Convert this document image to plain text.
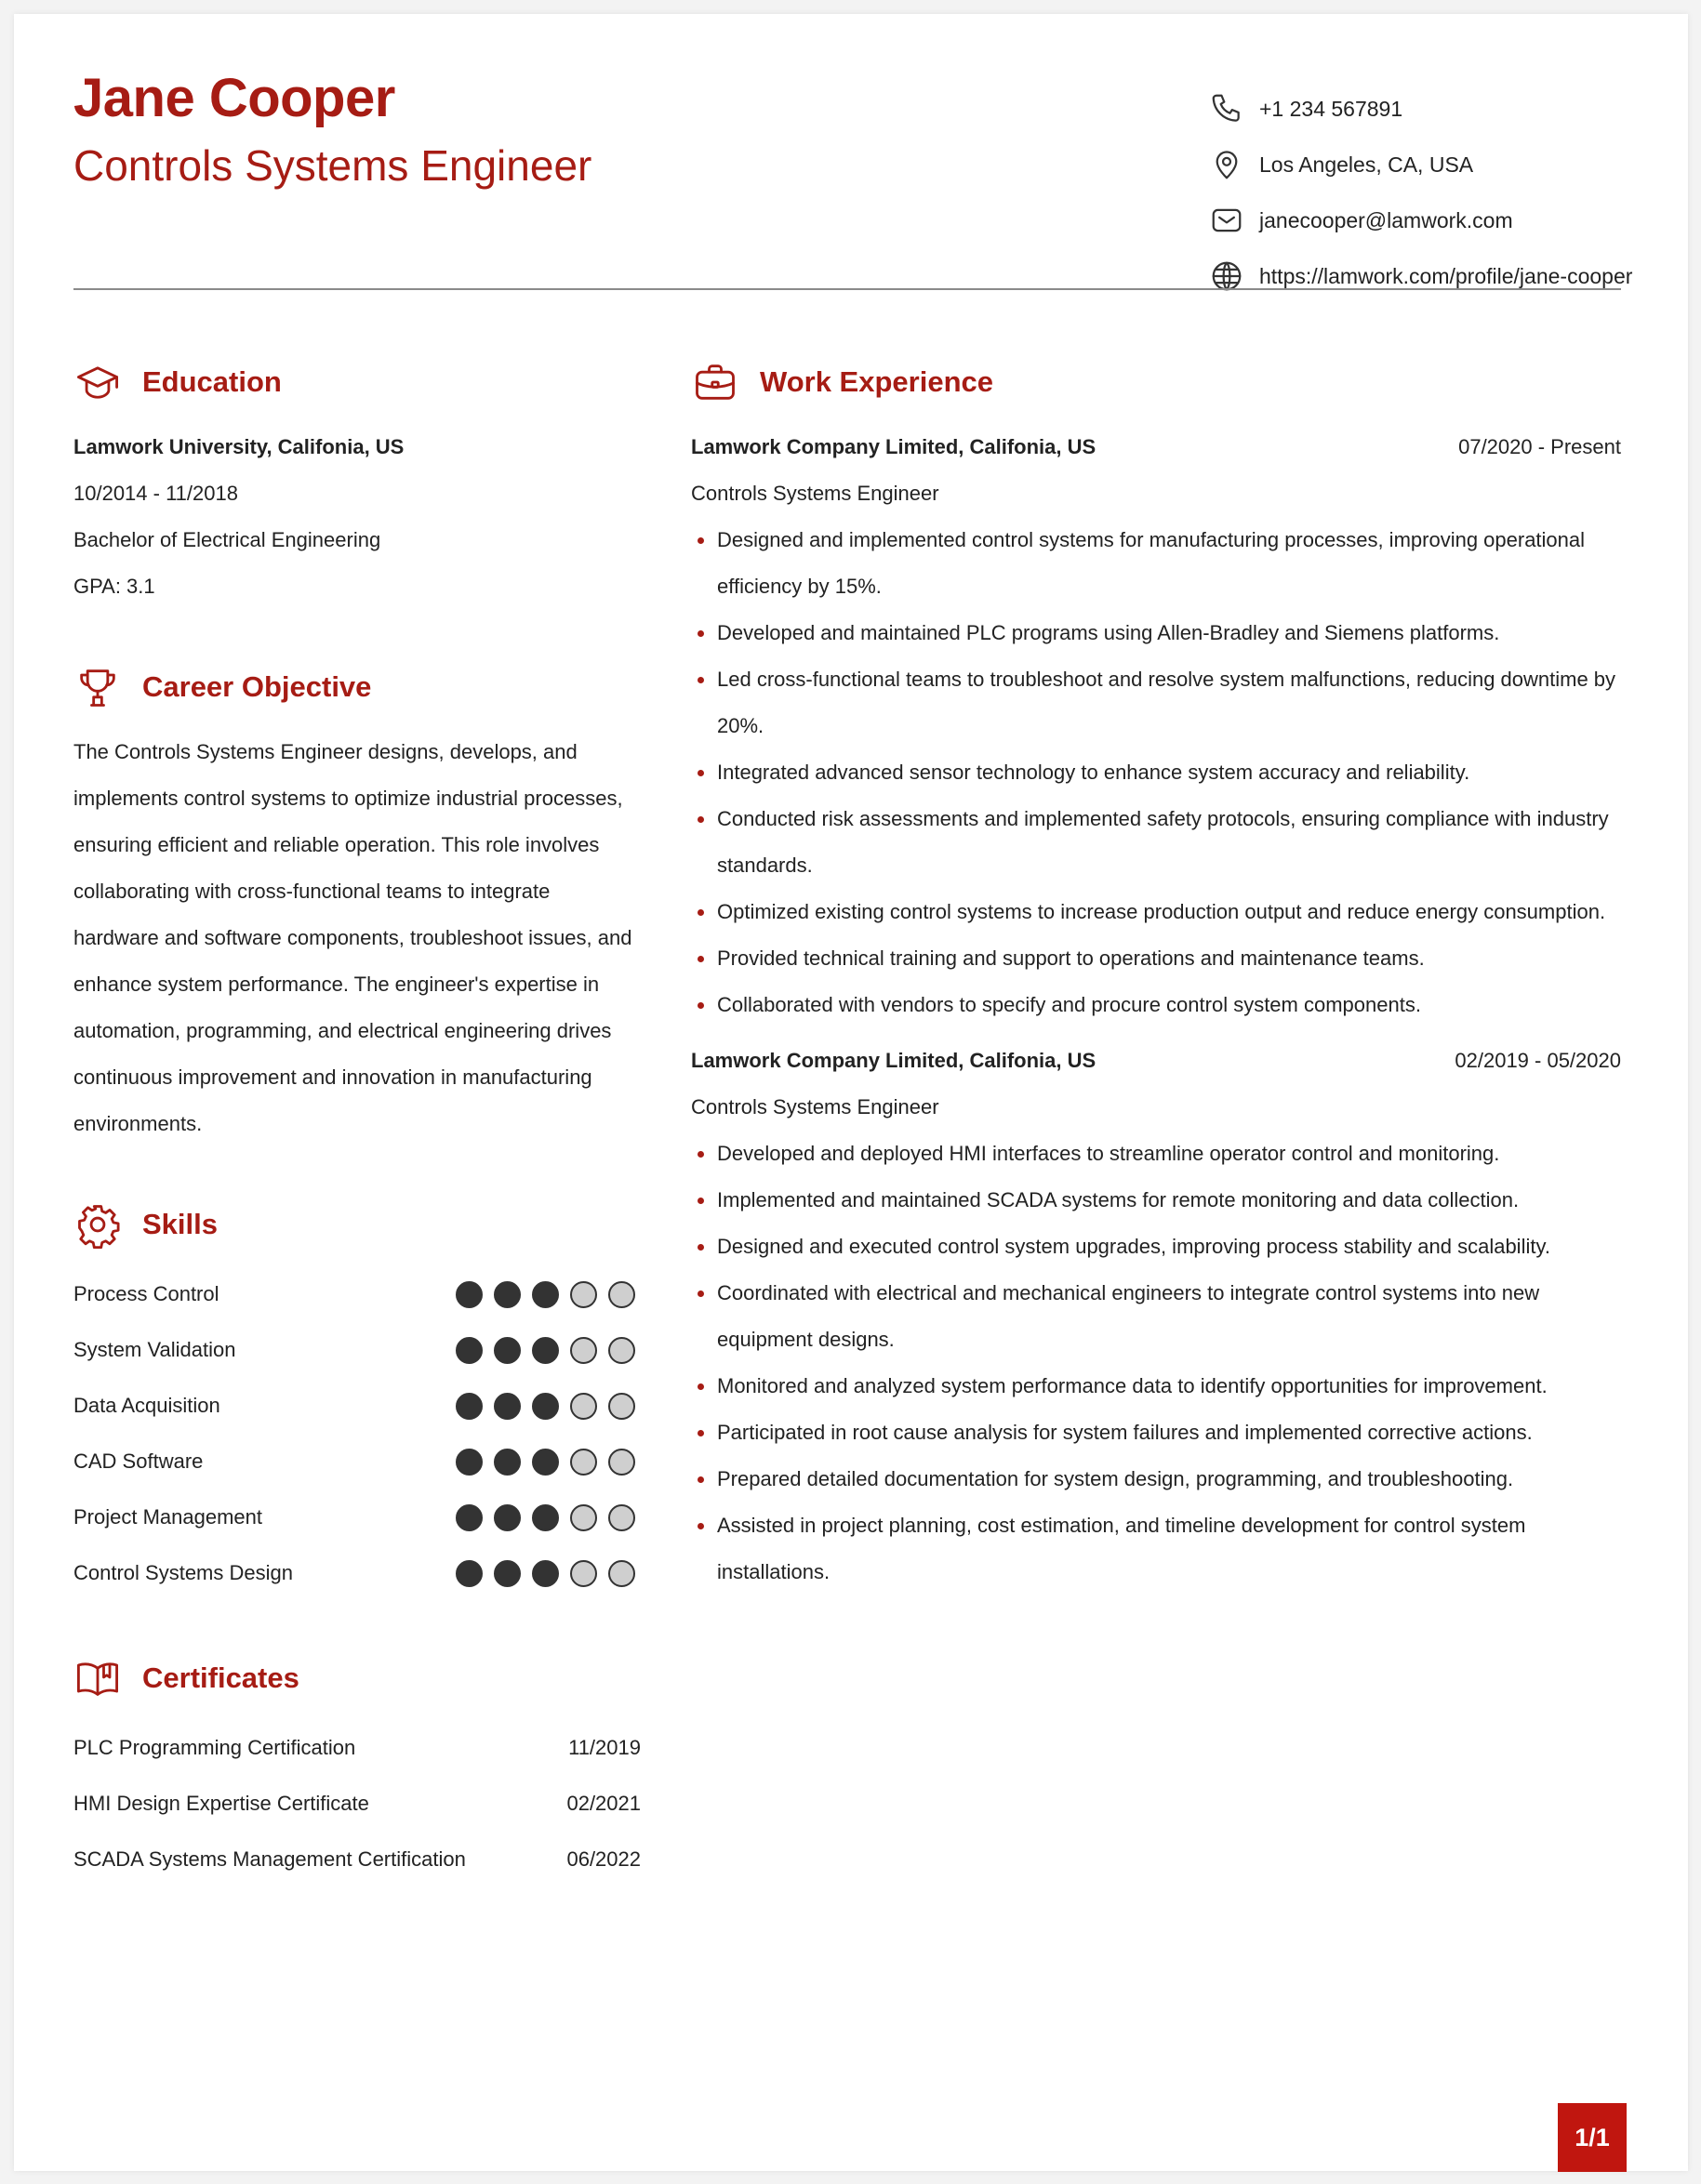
Jane Cooper
Controls Systems Engineer
+1 234 567891
Los Angeles, CA, USA
janecooper@lamwork.com
https://lamwork.com/profile/jane-cooper
Education
Lamwork University, Califonia, US
10/2014 - 11/2018
Bachelor of Electrical Engineering
GPA: 3.1
Career Objective

The Controls Systems Engineer designs, develops, and

implements control systems to optimize industrial processes,

ensuring efficient and reliable operation. This role involves

collaborating with cross-functional teams to integrate

hardware and software components, troubleshoot issues, and

enhance system performance. The engineer's expertise in

automation, programming, and electrical engineering drives

continuous improvement and innovation in manufacturing

environments.

Skills
Process Control
System Validation
Data Acquisition
CAD Software
Project Management
Control Systems Design
Certificates
PLC Programming Certification	11/2019
HMI Design Expertise Certificate	02/2021
SCADA Systems Management Certification	06/2022
Work Experience
Lamwork Company Limited, Califonia, US	07/2020 - Present
Controls Systems Engineer
Designed and implemented control systems for manufacturing processes, improving operational efficiency by 15%.
Developed and maintained PLC programs using Allen-Bradley and Siemens platforms.
Led cross-functional teams to troubleshoot and resolve system malfunctions, reducing downtime by 20%.
Integrated advanced sensor technology to enhance system accuracy and reliability.
Conducted risk assessments and implemented safety protocols, ensuring compliance with industry standards.
Optimized existing control systems to increase production output and reduce energy consumption.
Provided technical training and support to operations and maintenance teams.
Collaborated with vendors to specify and procure control system components.
Lamwork Company Limited, Califonia, US	02/2019 - 05/2020
Controls Systems Engineer
Developed and deployed HMI interfaces to streamline operator control and monitoring.
Implemented and maintained SCADA systems for remote monitoring and data collection.
Designed and executed control system upgrades, improving process stability and scalability.
Coordinated with electrical and mechanical engineers to integrate control systems into new equipment designs.
Monitored and analyzed system performance data to identify opportunities for improvement.
Participated in root cause analysis for system failures and implemented corrective actions.
Prepared detailed documentation for system design, programming, and troubleshooting.
Assisted in project planning, cost estimation, and timeline development for control system installations.
1/1
